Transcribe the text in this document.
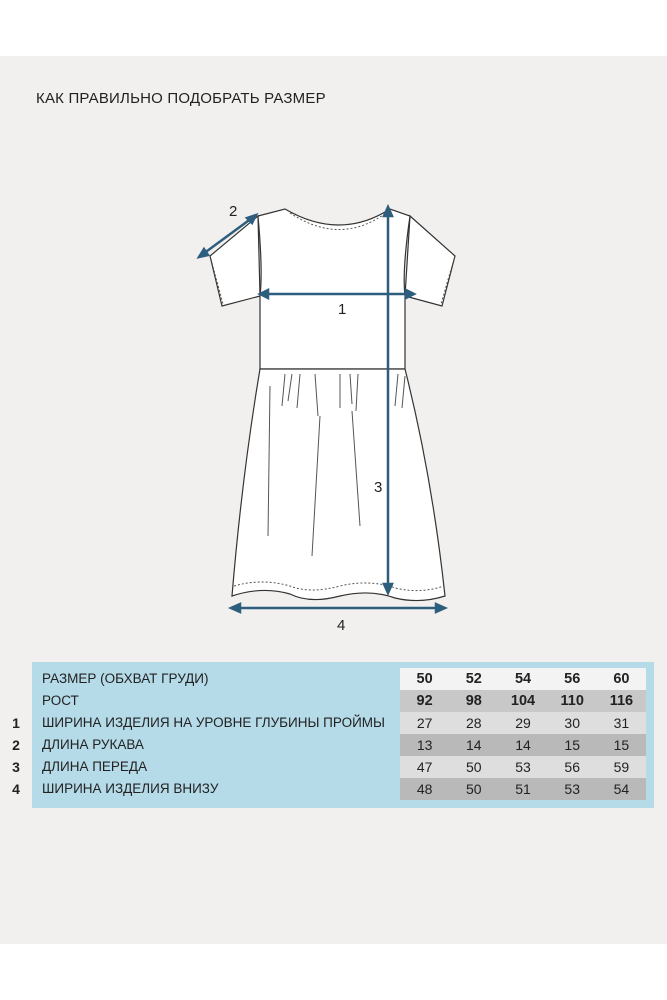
КАК ПРАВИЛЬНО ПОДОБРАТЬ РАЗМЕР
1
2
3
4
РАЗМЕР (ОБХВАТ ГРУДИ)	50	52	54	56	60
РОСТ	92	98	104	110	116
1	ШИРИНА ИЗДЕЛИЯ НА УРОВНЕ ГЛУБИНЫ ПРОЙМЫ	27	28	29	30	31
2	ДЛИНА РУКАВА	13	14	14	15	15
3	ДЛИНА ПЕРЕДА	47	50	53	56	59
4	ШИРИНА ИЗДЕЛИЯ ВНИЗУ	48	50	51	53	54
